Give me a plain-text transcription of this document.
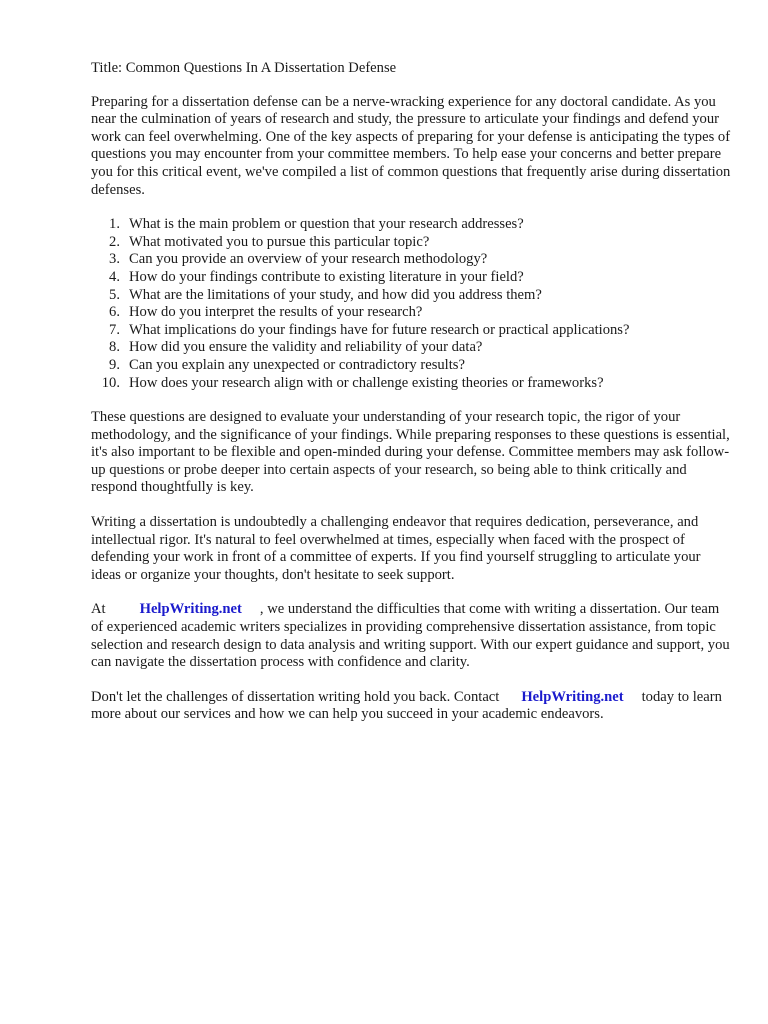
Title: Common Questions In A Dissertation Defense

Preparing for a dissertation defense can be a nerve-wracking experience for any doctoral candidate. As you near the culmination of years of research and study, the pressure to articulate your findings and defend your work can feel overwhelming. One of the key aspects of preparing for your defense is anticipating the types of questions you may encounter from your committee members. To help ease your concerns and better prepare you for this critical event, we've compiled a list of common questions that frequently arise during dissertation defenses.

1. What is the main problem or question that your research addresses?
2. What motivated you to pursue this particular topic?
3. Can you provide an overview of your research methodology?
4. How do your findings contribute to existing literature in your field?
5. What are the limitations of your study, and how did you address them?
6. How do you interpret the results of your research?
7. What implications do your findings have for future research or practical applications?
8. How did you ensure the validity and reliability of your data?
9. Can you explain any unexpected or contradictory results?
10. How does your research align with or challenge existing theories or frameworks?

These questions are designed to evaluate your understanding of your research topic, the rigor of your methodology, and the significance of your findings. While preparing responses to these questions is essential, it's also important to be flexible and open-minded during your defense. Committee members may ask follow-up questions or probe deeper into certain aspects of your research, so being able to think critically and respond thoughtfully is key.

Writing a dissertation is undoubtedly a challenging endeavor that requires dedication, perseverance, and intellectual rigor. It's natural to feel overwhelmed at times, especially when faced with the prospect of defending your work in front of a committee of experts. If you find yourself struggling to articulate your ideas or organize your thoughts, don't hesitate to seek support.

At HelpWriting.net , we understand the difficulties that come with writing a dissertation. Our team of experienced academic writers specializes in providing comprehensive dissertation assistance, from topic selection and research design to data analysis and writing support. With our expert guidance and support, you can navigate the dissertation process with confidence and clarity.

Don't let the challenges of dissertation writing hold you back. Contact HelpWriting.net today to learn more about our services and how we can help you succeed in your academic endeavors.
